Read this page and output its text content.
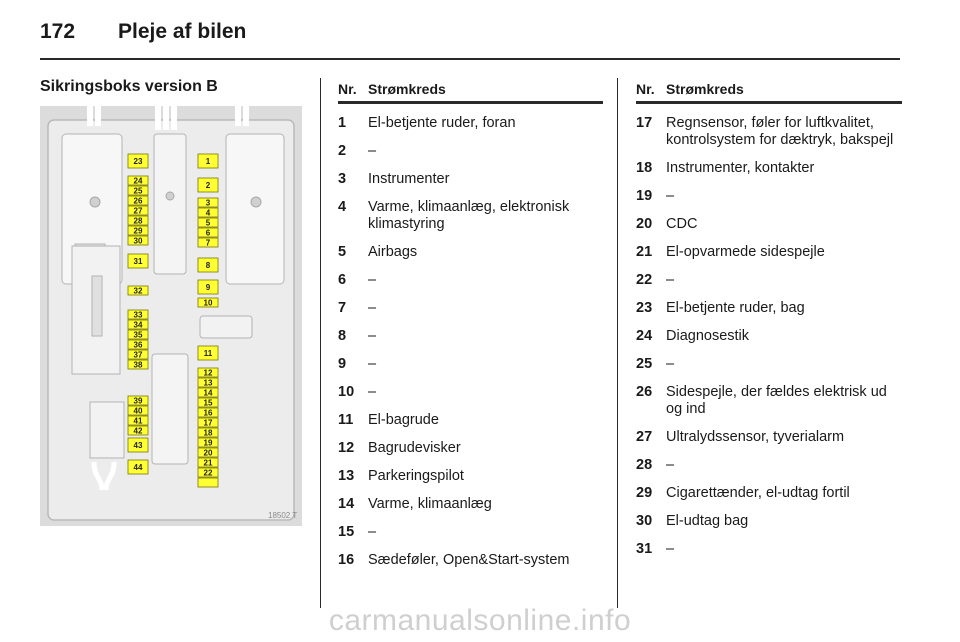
172 Pleje af bilen
Sikringsboks version B
18502 T
23
24
25
26
27
28
29
30
31
32
33
34
35
36
37
38
39
40
41
42
43
44
1
2
3
4
5
6
7
8
9
10
11
12
13
14
15
16
17
18
19
20
21
22
Nr. Strømkreds
1	El-betjente ruder, foran
2	–
3	Instrumenter
4	Varme, klimaanlæg, elektronisk klimastyring
5	Airbags
6	–
7	–
8	–
9	–
10 –
11	El-bagrude
12 Bagrudevisker
13 Parkeringspilot
14 Varme, klimaanlæg
15 –
16 Sædeføler, Open&Start-system
Nr. Strømkreds
17 Regnsensor, føler for luftkvalitet, kontrolsystem for dæktryk, bakspejl
18 Instrumenter, kontakter
19 –
20 CDC
21 El-opvarmede sidespejle
22 –
23 El-betjente ruder, bag
24 Diagnosestik
25 –
26 Sidespejle, der fældes elektrisk ud og ind
27 Ultralydssensor, tyverialarm
28 –
29 Cigarettænder, el-udtag fortil
30 El-udtag bag
31 –
carmanualsonline.info
